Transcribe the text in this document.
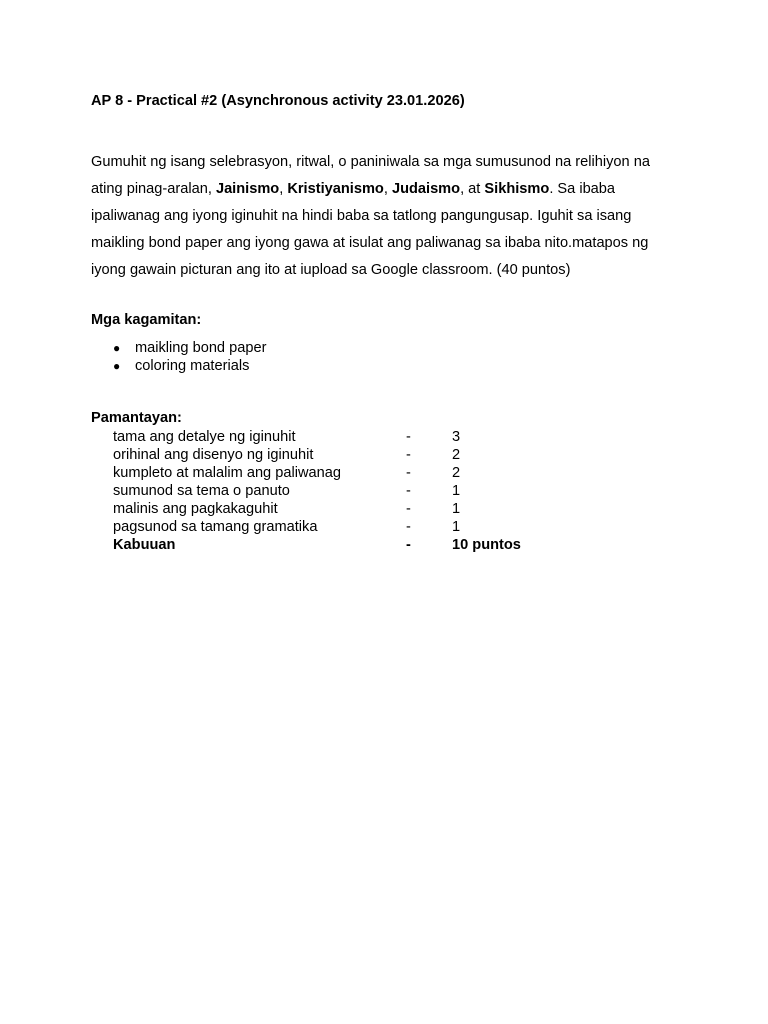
AP 8 - Practical #2 (Asynchronous activity 23.01.2026)
Gumuhit ng isang selebrasyon, ritwal, o paniniwala sa mga sumusunod na relihiyon na
ating pinag-aralan, Jainismo, Kristiyanismo, Judaismo, at Sikhismo. Sa ibaba
ipaliwanag ang iyong iginuhit na hindi baba sa tatlong pangungusap. Iguhit sa isang
maikling bond paper ang iyong gawa at isulat ang paliwanag sa ibaba nito.matapos ng
iyong gawain picturan ang ito at iupload sa Google classroom. (40 puntos)
Mga kagamitan:
● maikling bond paper
● coloring materials
Pamantayan:
tama ang detalye ng iginuhit	-	3
orihinal ang disenyo ng iginuhit	-	2
kumpleto at malalim ang paliwanag	-	2
sumunod sa tema o panuto	-	1
malinis ang pagkakaguhit	-	1
pagsunod sa tamang gramatika	-	1
Kabuuan	-	10 puntos
